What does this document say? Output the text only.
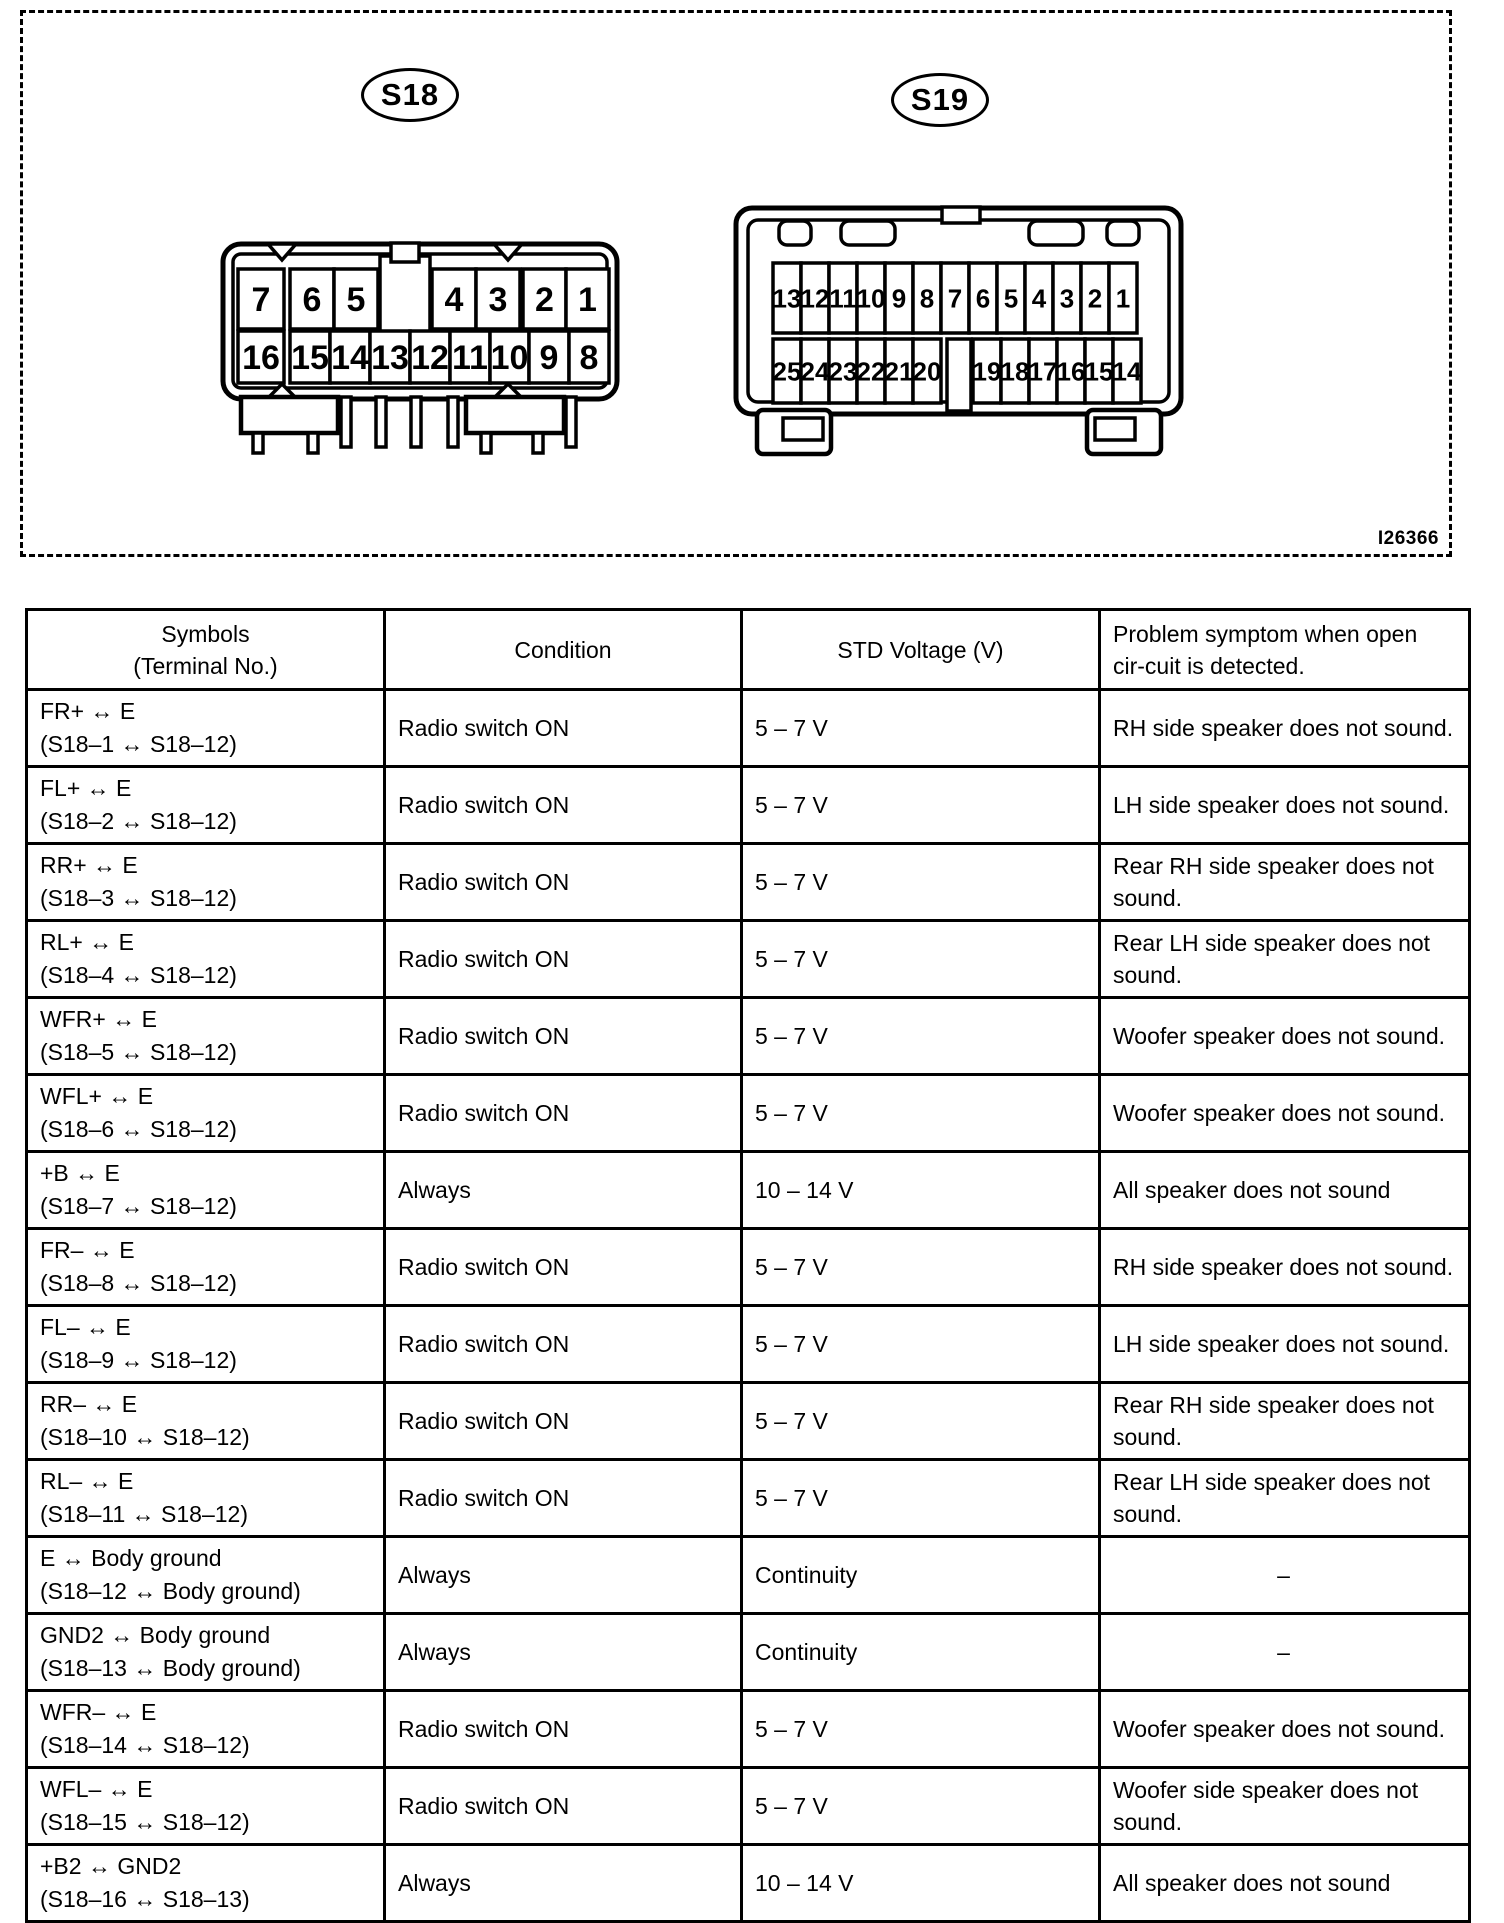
S18	S19
7 6 5 4 3 2 1
16 15 14 13 12 11 10 9 8
13 12 11 10 9 8 7 6 5 4 3 2 1
25 24 23 22 21 20 19 18 17 16 15 14
I26366
Symbols
(Terminal No.)	Condition	STD Voltage (V)	Problem symptom when open cir-cuit is detected.

FR+ ↔ E
(S18–1 ↔ S18–12)	Radio switch ON	5 – 7 V	RH side speaker does not sound.

FL+ ↔ E
(S18–2 ↔ S18–12)	Radio switch ON	5 – 7 V	LH side speaker does not sound.

RR+ ↔ E
(S18–3 ↔ S18–12)	Radio switch ON	5 – 7 V	Rear RH side speaker does not sound.

RL+ ↔ E
(S18–4 ↔ S18–12)	Radio switch ON	5 – 7 V	Rear LH side speaker does not sound.

WFR+ ↔ E
(S18–5 ↔ S18–12)	Radio switch ON	5 – 7 V	Woofer speaker does not sound.

WFL+ ↔ E
(S18–6 ↔ S18–12)	Radio switch ON	5 – 7 V	Woofer speaker does not sound.

+B ↔ E
(S18–7 ↔ S18–12)	Always	10 – 14 V	All speaker does not sound

FR– ↔ E
(S18–8 ↔ S18–12)	Radio switch ON	5 – 7 V	RH side speaker does not sound.

FL– ↔ E
(S18–9 ↔ S18–12)	Radio switch ON	5 – 7 V	LH side speaker does not sound.

RR– ↔ E
(S18–10 ↔ S18–12)	Radio switch ON	5 – 7 V	Rear RH side speaker does not sound.

RL– ↔ E
(S18–11 ↔ S18–12)	Radio switch ON	5 – 7 V	Rear LH side speaker does not sound.

E ↔ Body ground
(S18–12 ↔ Body ground)	Always	Continuity	–

GND2 ↔ Body ground
(S18–13 ↔ Body ground)	Always	Continuity	–

WFR– ↔ E
(S18–14 ↔ S18–12)	Radio switch ON	5 – 7 V	Woofer speaker does not sound.

WFL– ↔ E
(S18–15 ↔ S18–12)	Radio switch ON	5 – 7 V	Woofer side speaker does not sound.

+B2 ↔ GND2
(S18–16 ↔ S18–13)	Always	10 – 14 V	All speaker does not sound
